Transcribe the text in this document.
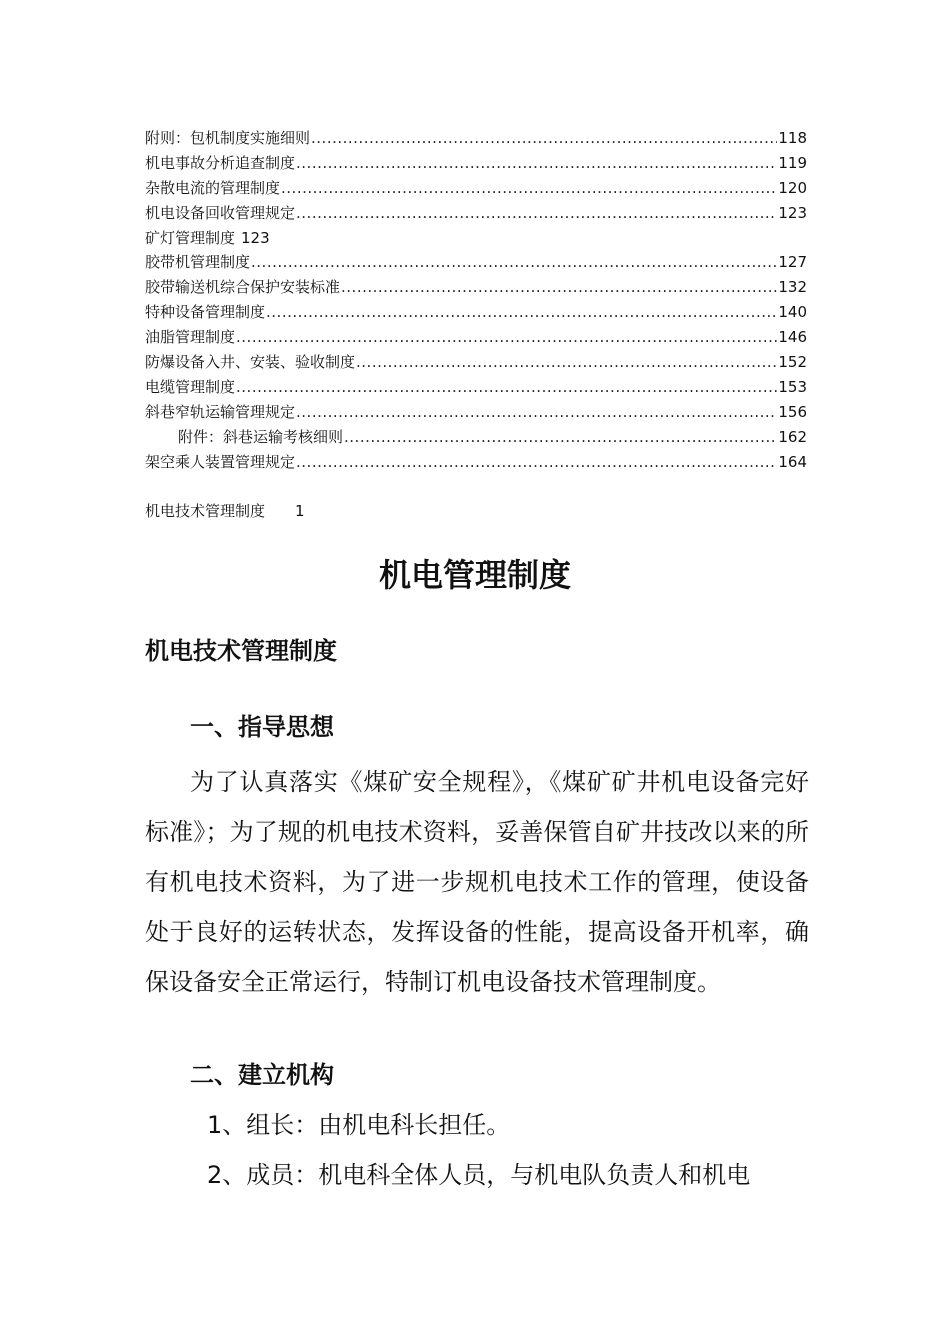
附则：包机制度实施细则 .....	118
机电事故分析追查制度 .....	119
杂散电流的管理制度 .....	120
机电设备回收管理规定 .....	123
矿灯管理制度 123
胶带机管理制度 .....	127
胶带输送机综合保护安装标准 .....	132
特种设备管理制度 .....	140
油脂管理制度 .....	146
防爆设备入井、安装、验收制度 .....	152
电缆管理制度 .....	153
斜巷窄轨运输管理规定 .....	156
附件：斜巷运输考核细则 .....	162
架空乘人装置管理规定 .....	164
机电技术管理制度 1
机电管理制度
机电技术管理制度
一、指导思想
为了认真落实《煤矿安全规程》，《煤矿矿井机电设备完好标准》；为了规的机电技术资料，妥善保管自矿井技改以来的所有机电技术资料，为了进一步规机电技术工作的管理，使设备处于良好的运转状态，发挥设备的性能，提高设备开机率，确保设备安全正常运行，特制订机电设备技术管理制度。
二、建立机构
1、组长：由机电科长担任。
2、成员：机电科全体人员，与机电队负责人和机电
